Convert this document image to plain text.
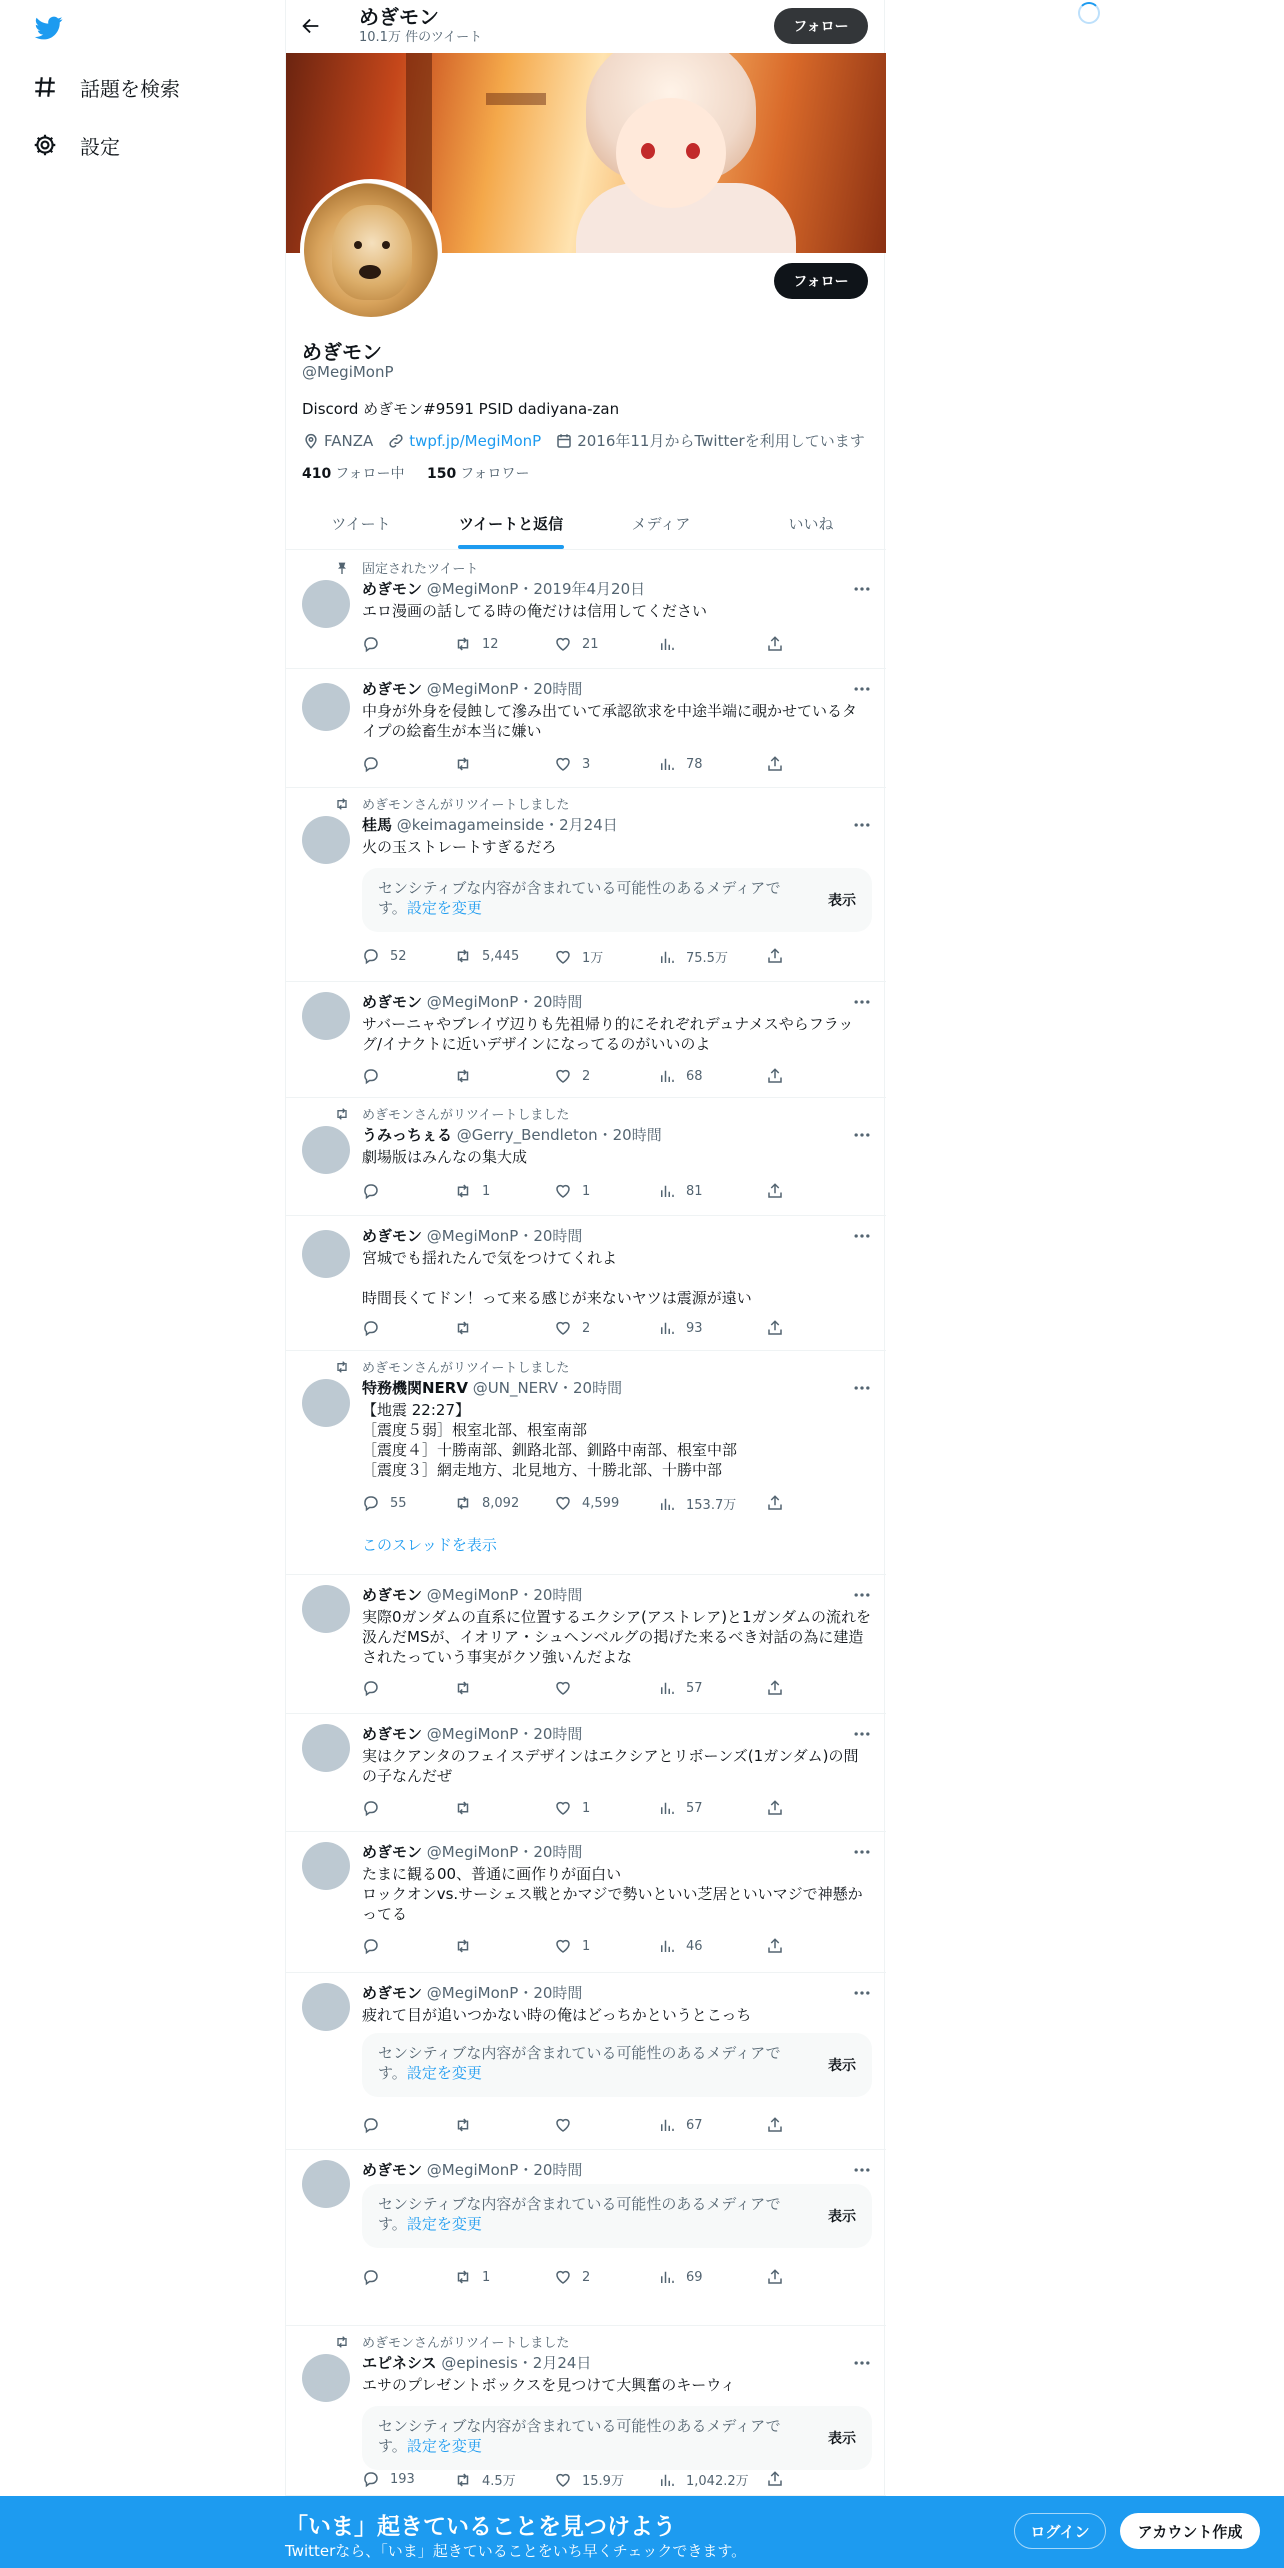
話題を検索
設定
めぎモン
10.1万 件のツイート
フォロー
フォロー
めぎモン
@MegiMonP
Discord めぎモン#9591 PSID dadiyana-zan
FANZA twpf.jp/MegiMonP 2016年11月からTwitterを利用しています
410 フォロー中 150 フォロワー
ツイート	ツイートと返信	メディア	いいね
固定されたツイート
めぎモン @MegiMonP・2019年4月20日
エロ漫画の話してる時の俺だけは信用してください
12	21
めぎモン @MegiMonP・20時間
中身が外身を侵蝕して滲み出ていて承認欲求を中途半端に覗かせているタ
イプの絵畜生が本当に嫌い
3	78
めぎモンさんがリツイートしました
桂馬 @keimagameinside・2月24日
火の玉ストレートすぎるだろ
センシティブな内容が含まれている可能性のあるメディアです。設定を変更	表示
52	5,445	1万	75.5万
めぎモン @MegiMonP・20時間
サバーニャやブレイヴ辺りも先祖帰り的にそれぞれデュナメスやらフラッ
グ/イナクトに近いデザインになってるのがいいのよ
2	68
めぎモンさんがリツイートしました
うみっちぇる @Gerry_Bendleton・20時間
劇場版はみんなの集大成
1	1	81
めぎモン @MegiMonP・20時間
宮城でも揺れたんで気をつけてくれよ

時間長くてドン！って来る感じが来ないヤツは震源が遠い
2	93
めぎモンさんがリツイートしました
特務機関NERV @UN_NERV・20時間
【地震 22:27】
［震度５弱］根室北部、根室南部
［震度４］十勝南部、釧路北部、釧路中南部、根室中部
［震度３］網走地方、北見地方、十勝北部、十勝中部
55	8,092	4,599	153.7万
このスレッドを表示
めぎモン @MegiMonP・20時間
実際0ガンダムの直系に位置するエクシア(アストレア)と1ガンダムの流れを
汲んだMSが、イオリア・シュヘンベルグの掲げた来るべき対話の為に建造
されたっていう事実がクソ強いんだよな
57
めぎモン @MegiMonP・20時間
実はクアンタのフェイスデザインはエクシアとリボーンズ(1ガンダム)の間
の子なんだぜ
1	57
めぎモン @MegiMonP・20時間
たまに観る00、普通に画作りが面白い
ロックオンvs.サーシェス戦とかマジで勢いといい芝居といいマジで神懸か
ってる
1	46
めぎモン @MegiMonP・20時間
疲れて目が追いつかない時の俺はどっちかというとこっち
センシティブな内容が含まれている可能性のあるメディアです。設定を変更	表示
67
めぎモン @MegiMonP・20時間
センシティブな内容が含まれている可能性のあるメディアです。設定を変更	表示
1	2	69
めぎモンさんがリツイートしました
エピネシス @epinesis・2月24日
エサのプレゼントボックスを見つけて大興奮のキーウィ
センシティブな内容が含まれている可能性のあるメディアです。設定を変更	表示
193	4.5万	15.9万	1,042.2万
「いま」起きていることを見つけよう
Twitterなら、「いま」起きていることをいち早くチェックできます。
ログイン	アカウント作成
